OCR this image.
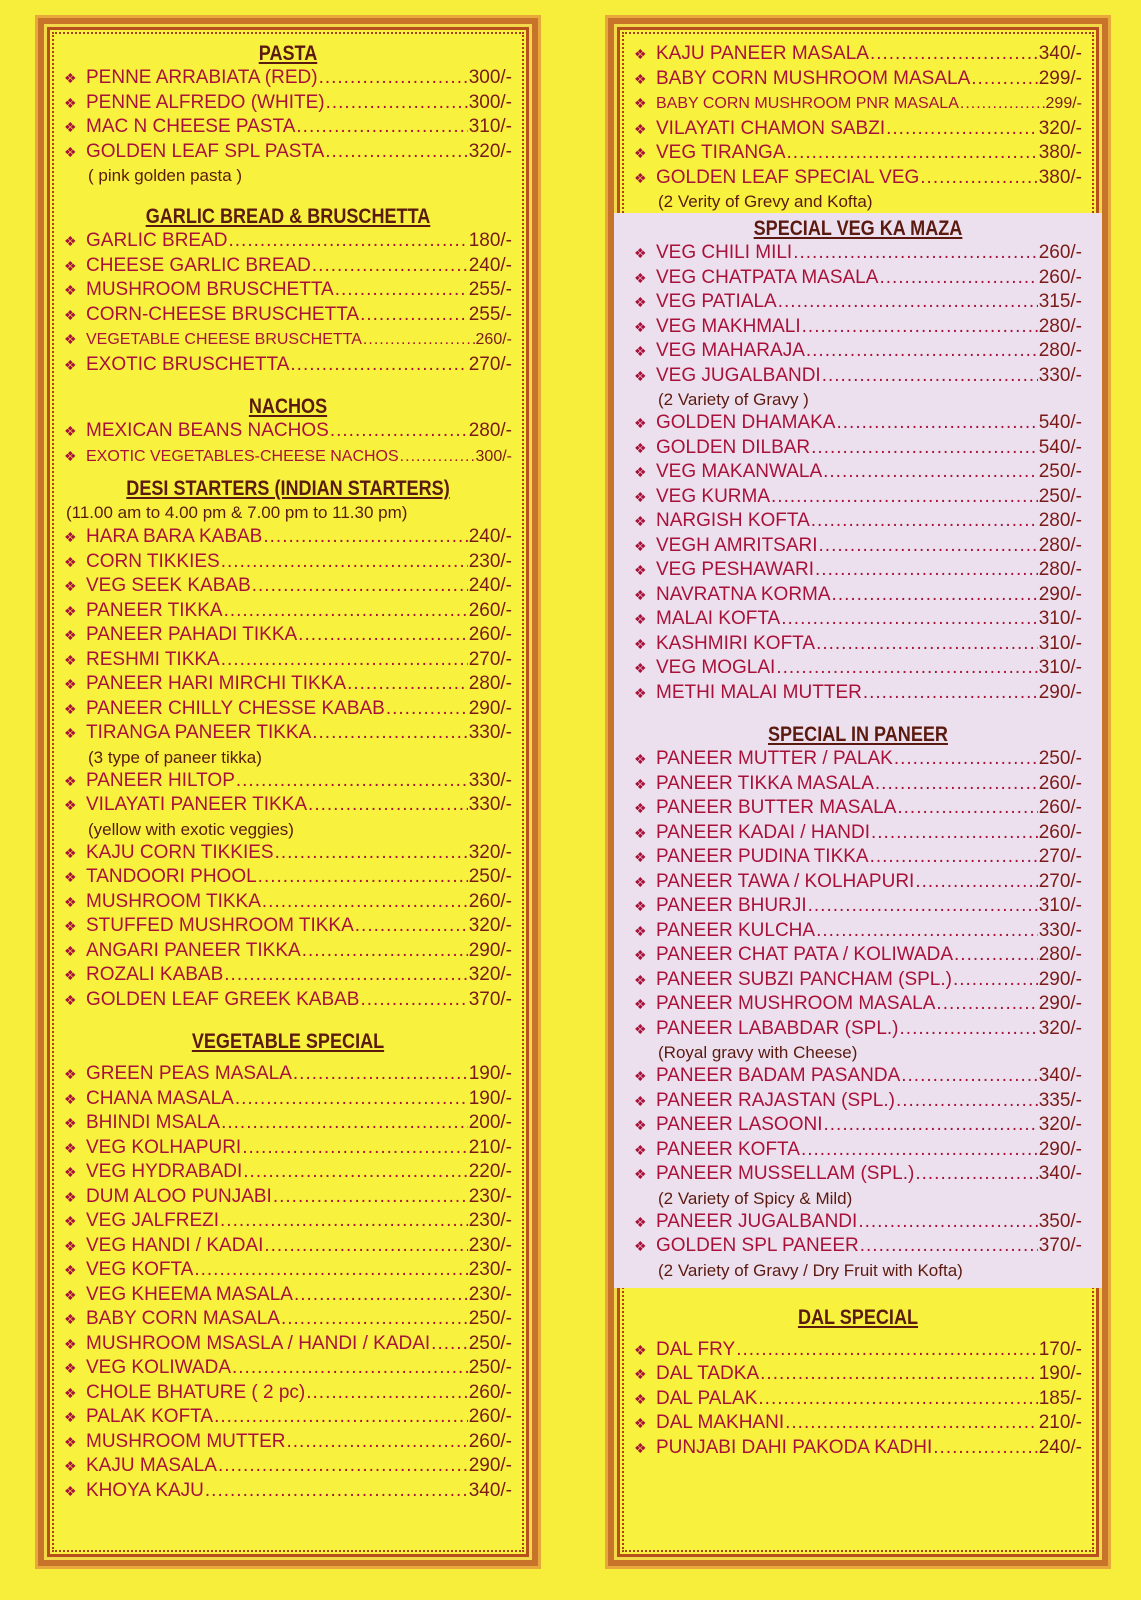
PASTA
❖ PENNE ARRABIATA (RED) .....	300/-
❖ PENNE ALFREDO (WHITE) .....	300/-
❖ MAC N CHEESE PASTA .....	310/-
❖ GOLDEN LEAF SPL PASTA .....	320/-
( pink golden pasta )
GARLIC BREAD & BRUSCHETTA
❖ GARLIC BREAD .....	180/-
❖ CHEESE GARLIC BREAD .....	240/-
❖ MUSHROOM BRUSCHETTA .....	255/-
❖ CORN-CHEESE BRUSCHETTA .....	255/-
❖ VEGETABLE CHEESE BRUSCHETTA .....	260/-
❖ EXOTIC BRUSCHETTA .....	270/-
NACHOS
❖ MEXICAN BEANS NACHOS .....	280/-
❖ EXOTIC VEGETABLES-CHEESE NACHOS .....	300/-
DESI STARTERS (INDIAN STARTERS)
(11.00 am to 4.00 pm & 7.00 pm to 11.30 pm)
❖ HARA BARA KABAB .....	240/-
❖ CORN TIKKIES .....	230/-
❖ VEG SEEK KABAB .....	240/-
❖ PANEER TIKKA .....	260/-
❖ PANEER PAHADI TIKKA .....	260/-
❖ RESHMI TIKKA .....	270/-
❖ PANEER HARI MIRCHI TIKKA .....	280/-
❖ PANEER CHILLY CHESSE KABAB .....	290/-
❖ TIRANGA PANEER TIKKA .....	330/-
(3 type of paneer tikka)
❖ PANEER HILTOP .....	330/-
❖ VILAYATI PANEER TIKKA .....	330/-
(yellow with exotic veggies)
❖ KAJU CORN TIKKIES .....	320/-
❖ TANDOORI PHOOL .....	250/-
❖ MUSHROOM TIKKA .....	260/-
❖ STUFFED MUSHROOM TIKKA .....	320/-
❖ ANGARI PANEER TIKKA .....	290/-
❖ ROZALI KABAB .....	320/-
❖ GOLDEN LEAF GREEK KABAB .....	370/-
VEGETABLE SPECIAL
❖ GREEN PEAS MASALA .....	190/-
❖ CHANA MASALA .....	190/-
❖ BHINDI MSALA .....	200/-
❖ VEG KOLHAPURI .....	210/-
❖ VEG HYDRABADI .....	220/-
❖ DUM ALOO PUNJABI .....	230/-
❖ VEG JALFREZI .....	230/-
❖ VEG HANDI / KADAI .....	230/-
❖ VEG KOFTA .....	230/-
❖ VEG KHEEMA MASALA .....	230/-
❖ BABY CORN MASALA .....	250/-
❖ MUSHROOM MSASLA / HANDI / KADAI ..... 250/-
❖ VEG KOLIWADA .....	250/-
❖ CHOLE BHATURE ( 2 pc) .....	260/-
❖ PALAK KOFTA .....	260/-
❖ MUSHROOM MUTTER .....	260/-
❖ KAJU MASALA .....	290/-
❖ KHOYA KAJU .....	340/-
❖ KAJU PANEER MASALA .....	340/-
❖ BABY CORN MUSHROOM MASALA .....	299/-
❖ BABY CORN MUSHROOM PNR MASALA .....	299/-
❖ VILAYATI CHAMON SABZI .....	320/-
❖ VEG TIRANGA .....	380/-
❖ GOLDEN LEAF SPECIAL VEG .....	380/-
(2 Verity of Grevy and Kofta)
SPECIAL VEG KA MAZA
❖ VEG CHILI MILI .....	260/-
❖ VEG CHATPATA MASALA .....	260/-
❖ VEG PATIALA .....	315/-
❖ VEG MAKHMALI .....	280/-
❖ VEG MAHARAJA .....	280/-
❖ VEG JUGALBANDI .....	330/-
(2 Variety of Gravy )
❖ GOLDEN DHAMAKA .....	540/-
❖ GOLDEN DILBAR .....	540/-
❖ VEG MAKANWALA .....	250/-
❖ VEG KURMA .....	250/-
❖ NARGISH KOFTA .....	280/-
❖ VEGH AMRITSARI .....	280/-
❖ VEG PESHAWARI .....	280/-
❖ NAVRATNA KORMA .....	290/-
❖ MALAI KOFTA .....	310/-
❖ KASHMIRI KOFTA .....	310/-
❖ VEG MOGLAI .....	310/-
❖ METHI MALAI MUTTER .....	290/-
SPECIAL IN PANEER
❖ PANEER MUTTER / PALAK .....	250/-
❖ PANEER TIKKA MASALA .....	260/-
❖ PANEER BUTTER MASALA .....	260/-
❖ PANEER KADAI / HANDI .....	260/-
❖ PANEER PUDINA TIKKA .....	270/-
❖ PANEER TAWA / KOLHAPURI .....	270/-
❖ PANEER BHURJI .....	310/-
❖ PANEER KULCHA .....	330/-
❖ PANEER CHAT PATA / KOLIWADA .....	280/-
❖ PANEER SUBZI PANCHAM (SPL.) .....	290/-
❖ PANEER MUSHROOM MASALA .....	290/-
❖ PANEER LABABDAR (SPL.) .....	320/-
(Royal gravy with Cheese)
❖ PANEER BADAM PASANDA .....	340/-
❖ PANEER RAJASTAN (SPL.) .....	335/-
❖ PANEER LASOONI .....	320/-
❖ PANEER KOFTA .....	290/-
❖ PANEER MUSSELLAM (SPL.) .....	340/-
(2 Variety of Spicy & Mild)
❖ PANEER JUGALBANDI .....	350/-
❖ GOLDEN SPL PANEER .....	370/-
(2 Variety of Gravy / Dry Fruit with Kofta)
DAL SPECIAL
❖ DAL FRY .....	170/-
❖ DAL TADKA .....	190/-
❖ DAL PALAK .....	185/-
❖ DAL MAKHANI .....	210/-
❖ PUNJABI DAHI PAKODA KADHI .....	240/-
